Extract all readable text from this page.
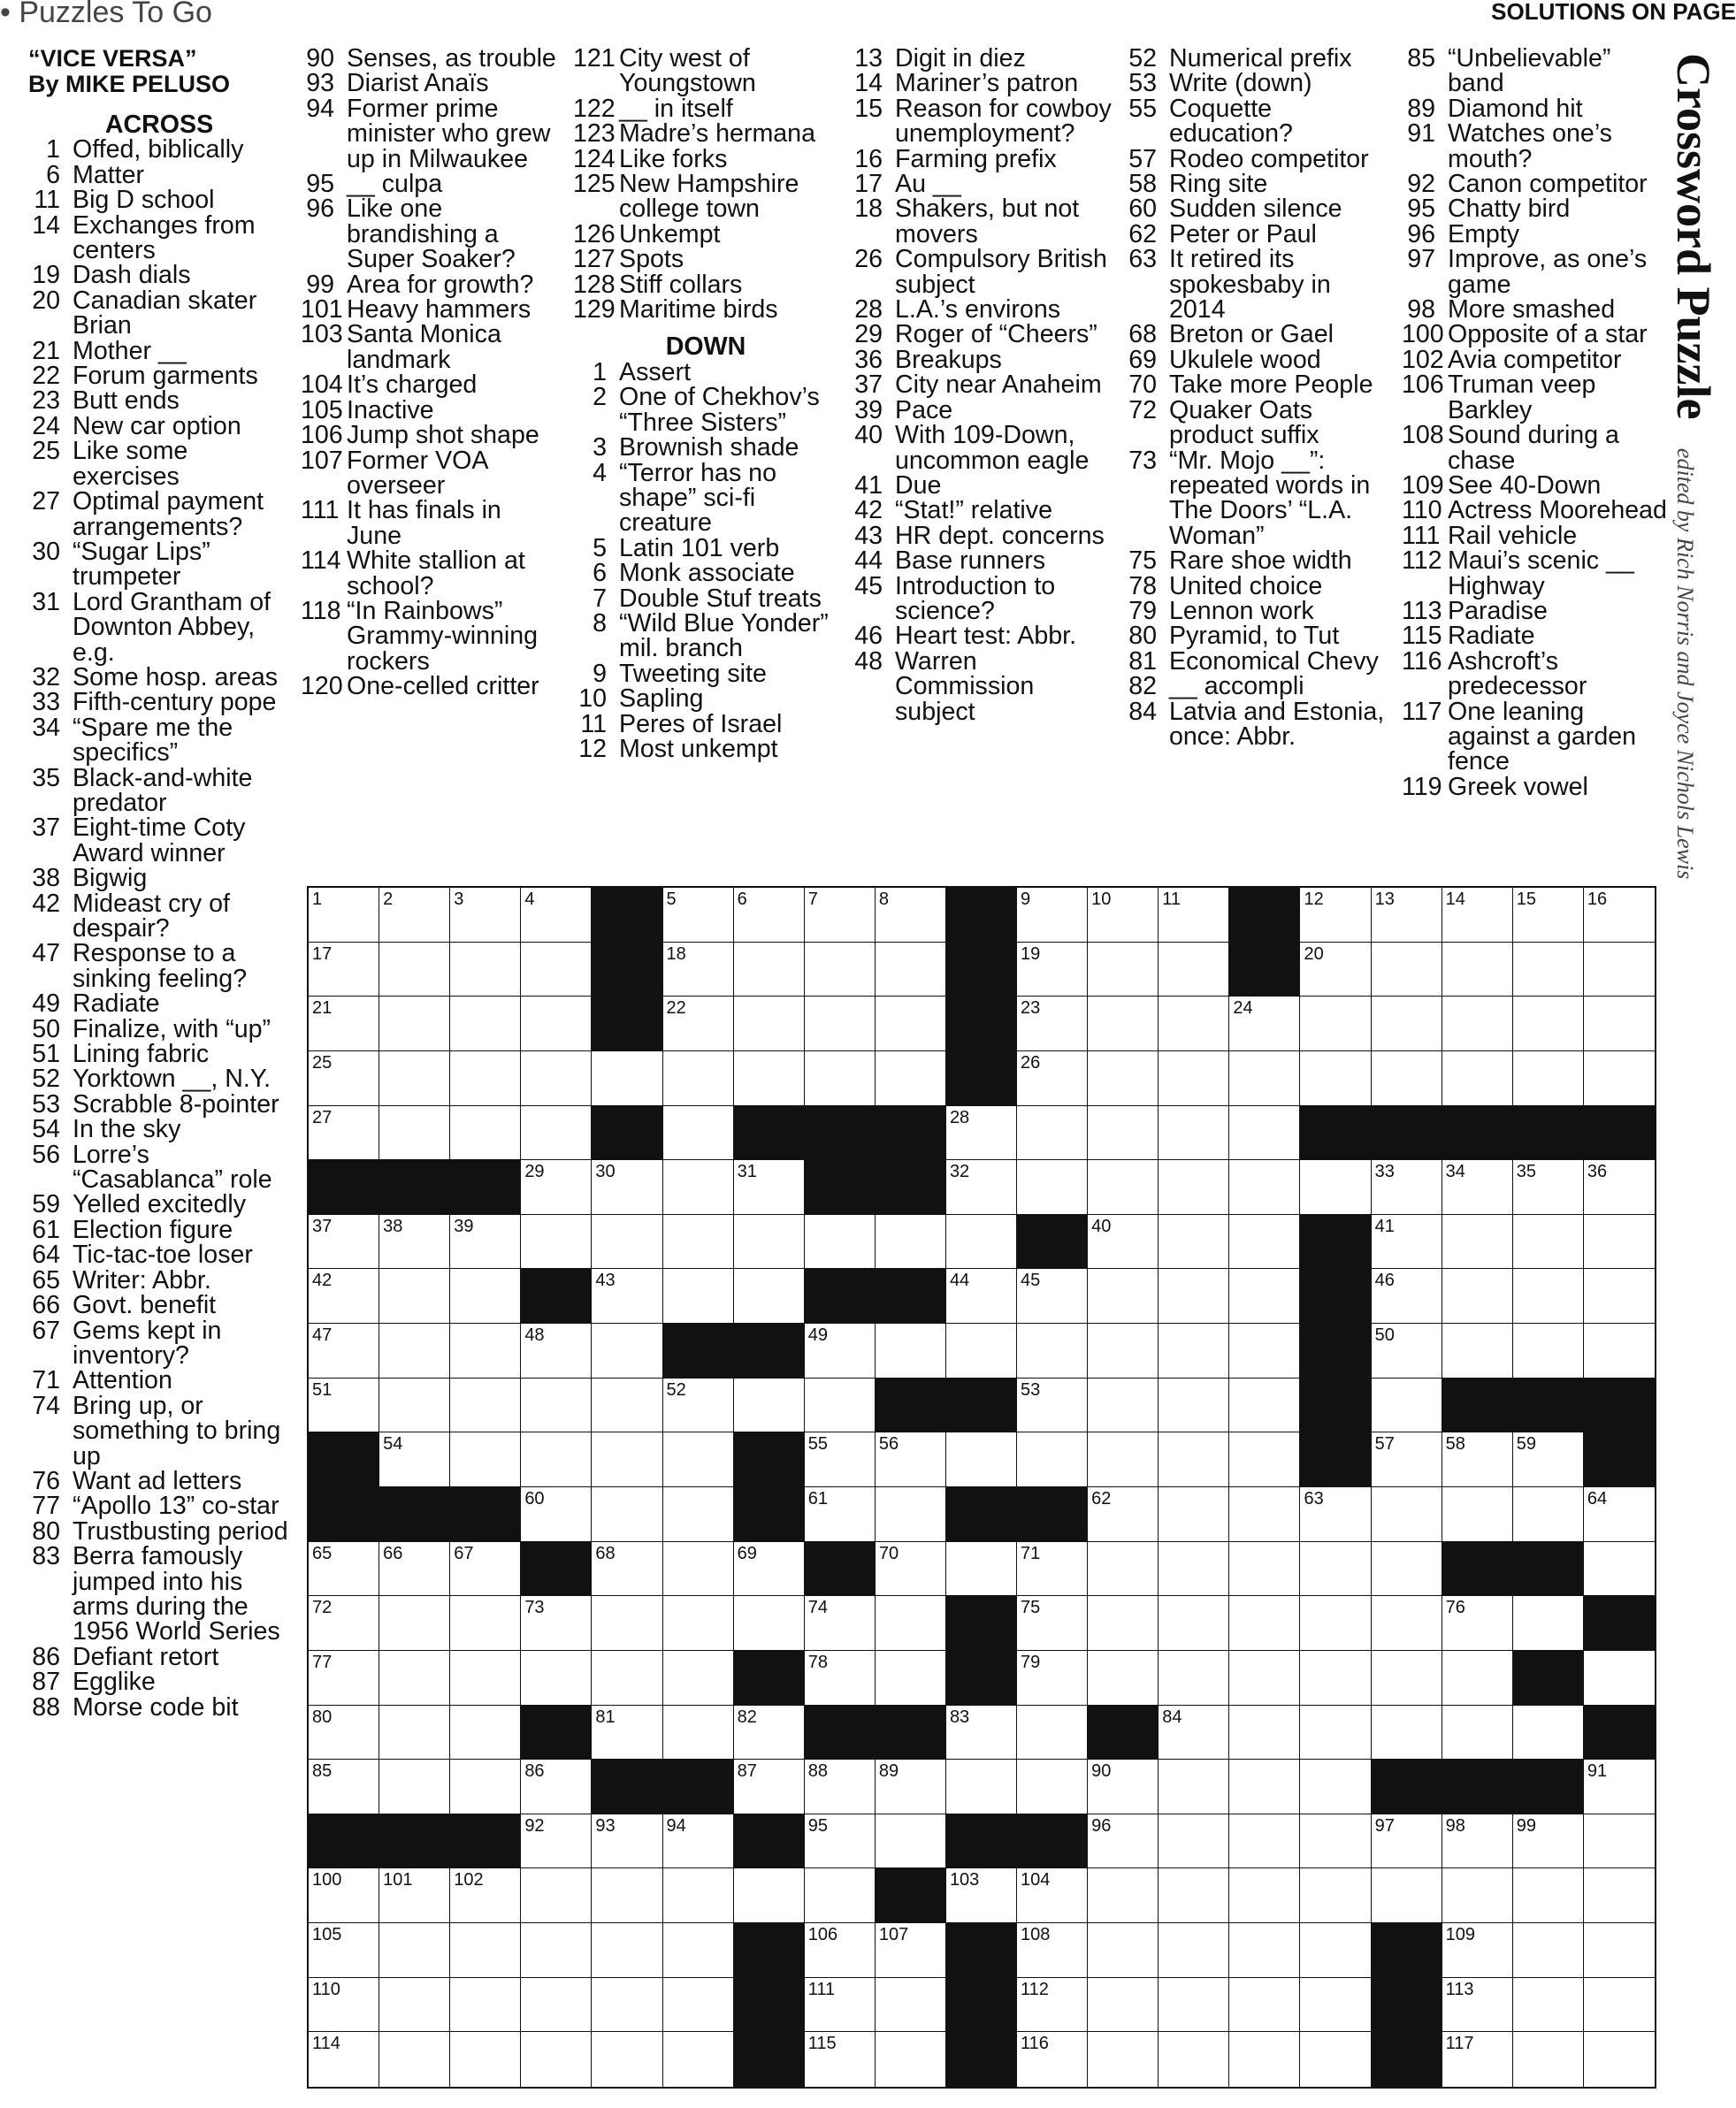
• Puzzles To Go	SOLUTIONS ON PAGE
Crossword Puzzle edited by Rich Norris and Joyce Nichols Lewis
“VICE VERSA”
By MIKE PELUSO
ACROSS
1 Offed, biblically
6 Matter
11 Big D school
14 Exchanges from centers
19 Dash dials
20 Canadian skater Brian
21 Mother __
22 Forum garments
23 Butt ends
24 New car option
25 Like some exercises
27 Optimal payment arrangements?
30 “Sugar Lips” trumpeter
31 Lord Grantham of Downton Abbey, e.g.
32 Some hosp. areas
33 Fifth-century pope
34 “Spare me the specifics”
35 Black-and-white predator
37 Eight-time Coty Award winner
38 Bigwig
42 Mideast cry of despair?
47 Response to a sinking feeling?
49 Radiate
50 Finalize, with “up”
51 Lining fabric
52 Yorktown __, N.Y.
53 Scrabble 8-pointer
54 In the sky
56 Lorre’s “Casablanca” role
59 Yelled excitedly
61 Election figure
64 Tic-tac-toe loser
65 Writer: Abbr.
66 Govt. benefit
67 Gems kept in inventory?
71 Attention
74 Bring up, or something to bring up
76 Want ad letters
77 “Apollo 13” co-star
80 Trustbusting period
83 Berra famously jumped into his arms during the 1956 World Series
86 Defiant retort
87 Egglike
88 Morse code bit
90 Senses, as trouble
93 Diarist Anaïs
94 Former prime minister who grew up in Milwaukee
95 __ culpa
96 Like one brandishing a Super Soaker?
99 Area for growth?
101 Heavy hammers
103 Santa Monica landmark
104 It’s charged
105 Inactive
106 Jump shot shape
107 Former VOA overseer
111 It has finals in June
114 White stallion at school?
118 “In Rainbows” Grammy-winning rockers
120 One-celled critter
121 City west of Youngstown
122 __ in itself
123 Madre’s hermana
124 Like forks
125 New Hampshire college town
126 Unkempt
127 Spots
128 Stiff collars
129 Maritime birds
DOWN
1 Assert
2 One of Chekhov’s “Three Sisters”
3 Brownish shade
4 “Terror has no shape” sci-fi creature
5 Latin 101 verb
6 Monk associate
7 Double Stuf treats
8 “Wild Blue Yonder” mil. branch
9 Tweeting site
10 Sapling
11 Peres of Israel
12 Most unkempt
13 Digit in diez
14 Mariner’s patron
15 Reason for cowboy unemployment?
16 Farming prefix
17 Au __
18 Shakers, but not movers
26 Compulsory British subject
28 L.A.’s environs
29 Roger of “Cheers”
36 Breakups
37 City near Anaheim
39 Pace
40 With 109-Down, uncommon eagle
41 Due
42 “Stat!” relative
43 HR dept. concerns
44 Base runners
45 Introduction to science?
46 Heart test: Abbr.
48 Warren Commission subject
52 Numerical prefix
53 Write (down)
55 Coquette education?
57 Rodeo competitor
58 Ring site
60 Sudden silence
62 Peter or Paul
63 It retired its spokesbaby in 2014
68 Breton or Gael
69 Ukulele wood
70 Take more People
72 Quaker Oats product suffix
73 “Mr. Mojo __”: repeated words in The Doors’ “L.A. Woman”
75 Rare shoe width
78 United choice
79 Lennon work
80 Pyramid, to Tut
81 Economical Chevy
82 __ accompli
84 Latvia and Estonia, once: Abbr.
85 “Unbelievable” band
89 Diamond hit
91 Watches one’s mouth?
92 Canon competitor
95 Chatty bird
96 Empty
97 Improve, as one’s game
98 More smashed
100 Opposite of a star
102 Avia competitor
106 Truman veep Barkley
108 Sound during a chase
109 See 40-Down
110 Actress Moorehead
111 Rail vehicle
112 Maui’s scenic __ Highway
113 Paradise
115 Radiate
116 Ashcroft’s predecessor
117 One leaning against a garden fence
119 Greek vowel
1	2	3	4	5	6	7	8	9	10	11	12	13	14	15	16
17	18	19	20
21	22	23	24
25	26
27	28
29	30	31	32	33	34	35	36
37	38	39	40	41
42	43	44	45	46
47	48	49	50
51	52	53
54	55	56	57	58	59
60	61	62	63	64
65	66	67	68	69	70	71
72	73	74	75	76
77	78	79
80	81	82	83	84
85	86	87	88	89	90	91
92	93	94	95	96	97	98	99
100 101 102	103 104
105	106 107	108	109
110	111	112	113
114	115	116	117
